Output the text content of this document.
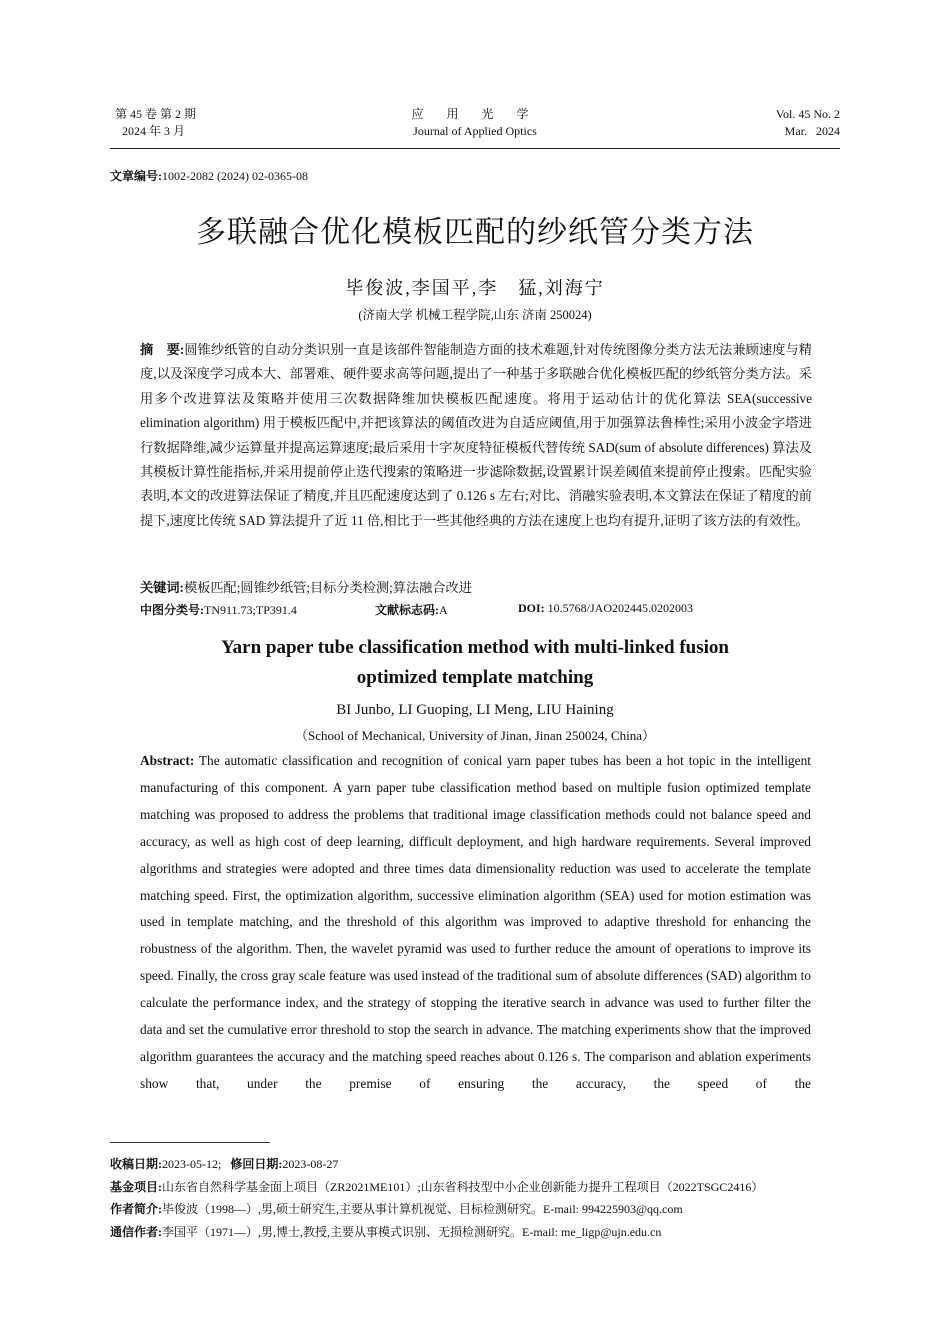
第 45 卷 第 2 期
2024 年 3 月
应 用 光 学
Journal of Applied Optics
Vol. 45 No. 2
Mar.   2024
文章编号:1002-2082 (2024) 02-0365-08
多联融合优化模板匹配的纱纸管分类方法
毕俊波,李国平,李　猛,刘海宁
(济南大学 机械工程学院,山东 济南 250024)
摘　要:圆锥纱纸管的自动分类识别一直是该部件智能制造方面的技术难题,针对传统图像分类方法无法兼顾速度与精度,以及深度学习成本大、部署难、硬件要求高等问题,提出了一种基于多联融合优化模板匹配的纱纸管分类方法。采用多个改进算法及策略并使用三次数据降维加快模板匹配速度。将用于运动估计的优化算法 SEA(successive elimination algorithm) 用于模板匹配中,并把该算法的阈值改进为自适应阈值,用于加强算法鲁棒性;采用小波金字塔进行数据降维,减少运算量并提高运算速度;最后采用十字灰度特征模板代替传统 SAD(sum of absolute differences) 算法及其模板计算性能指标,并采用提前停止迭代搜索的策略进一步滤除数据,设置累计误差阈值来提前停止搜索。匹配实验表明,本文的改进算法保证了精度,并且匹配速度达到了 0.126 s 左右;对比、消融实验表明,本文算法在保证了精度的前提下,速度比传统 SAD 算法提升了近 11 倍,相比于一些其他经典的方法在速度上也均有提升,证明了该方法的有效性。
关键词:模板匹配;圆锥纱纸管;目标分类检测;算法融合改进
中图分类号:TN911.73;TP391.4	文献标志码:A	DOI: 10.5768/JAO202445.0202003
Yarn paper tube classification method with multi-linked fusion
optimized template matching
BI Junbo, LI Guoping, LI Meng, LIU Haining
（School of Mechanical, University of Jinan, Jinan 250024, China）
Abstract: The automatic classification and recognition of conical yarn paper tubes has been a hot topic in the intelligent manufacturing of this component. A yarn paper tube classification method based on multiple fusion optimized template matching was proposed to address the problems that traditional image classification methods could not balance speed and accuracy, as well as high cost of deep learning, difficult deployment, and high hardware requirements. Several improved algorithms and strategies were adopted and three times data dimensionality reduction was used to accelerate the template matching speed. First, the optimization algorithm, successive elimination algorithm (SEA) used for motion estimation was used in template matching, and the threshold of this algorithm was improved to adaptive threshold for enhancing the robustness of the algorithm. Then, the wavelet pyramid was used to further reduce the amount of operations to improve its speed. Finally, the cross gray scale feature was used instead of the traditional sum of absolute differences (SAD) algorithm to calculate the performance index, and the strategy of stopping the iterative search in advance was used to further filter the data and set the cumulative error threshold to stop the search in advance. The matching experiments show that the improved algorithm guarantees the accuracy and the matching speed reaches about 0.126 s. The comparison and ablation experiments show that, under the premise of ensuring the accuracy, the speed of the
收稿日期:2023-05-12; 修回日期:2023-08-27
基金项目:山东省自然科学基金面上项目（ZR2021ME101）;山东省科技型中小企业创新能力提升工程项目（2022TSGC2416）
作者简介:毕俊波（1998—）,男,硕士研究生,主要从事计算机视觉、目标检测研究。E-mail: 994225903@qq.com
通信作者:李国平（1971—）,男,博士,教授,主要从事模式识别、无损检测研究。E-mail: me_ligp@ujn.edu.cn
